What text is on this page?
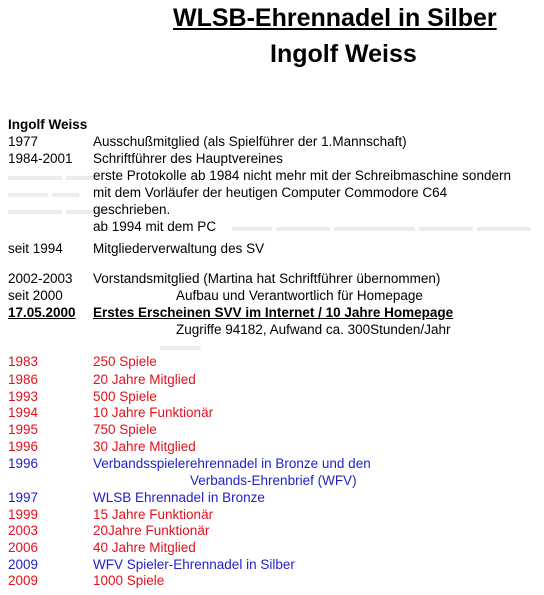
WLSB-Ehrennadel in Silber
Ingolf Weiss
Ingolf Weiss
1977	Ausschußmitglied (als Spielführer der 1.Mannschaft)
1984-2001 Schriftführer des Hauptvereines
▬▬▬▬ ▬▬ erste Protokolle ab 1984 nicht mehr mit der Schreibmaschine sondern
▬▬▬ ▬▬ mit dem Vorläufer der heutigen Computer Commodore C64
▬▬▬▬ ▬▬▬
geschrieben.
ab 1994 mit dem PC ▬▬▬ ▬▬▬▬ ▬▬▬▬▬▬ ▬▬▬▬ ▬▬▬▬
seit 1994 Mitgliederverwaltung des SV
2002-2003 Vorstandsmitglied (Martina hat Schriftführer übernommen)
seit 2000	Aufbau und Verantwortlich für Homepage
17.05.2000 Erstes Erscheinen SVV im Internet / 10 Jahre Homepage
Zugriffe 94182, Aufwand ca. 300Stunden/Jahr
▬▬▬
1983	250 Spiele
1986	20 Jahre Mitglied
1993	500 Spiele
1994	10 Jahre Funktionär
1995	750 Spiele
1996	30 Jahre Mitglied
1996	Verbandsspielerehrennadel in Bronze und den
Verbands-Ehrenbrief (WFV)
1997	WLSB Ehrennadel in Bronze
1999	15 Jahre Funktionär
2003	20Jahre Funktionär
2006	40 Jahre Mitglied
2009	WFV Spieler-Ehrennadel in Silber
2009	1000 Spiele
